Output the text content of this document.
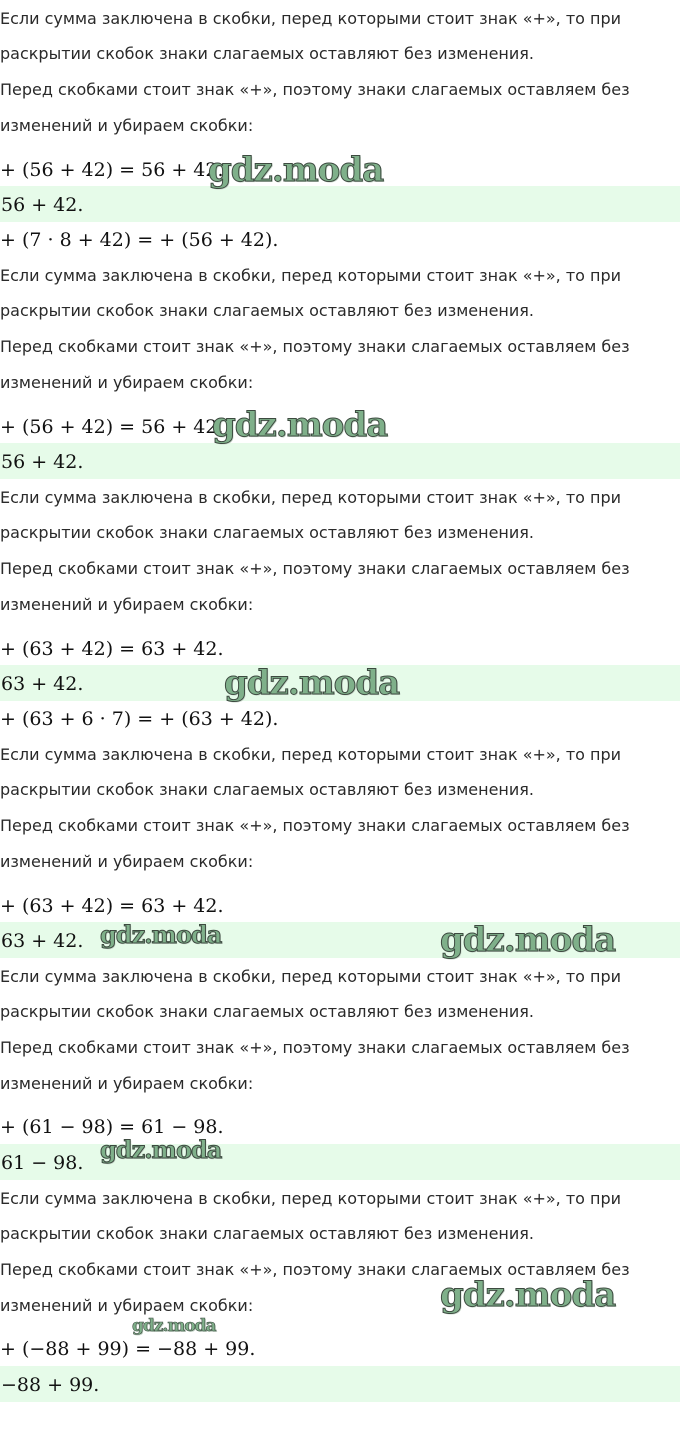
Если сумма заключена в скобки, перед которыми стоит знак «+», то при
раскрытии скобок знаки слагаемых оставляют без изменения.
Перед скобками стоит знак «+», поэтому знаки слагаемых оставляем без
изменений и убираем скобки:
+ (56 + 42) = 56 + 42.
56 + 42.
+ (7 · 8 + 42) = + (56 + 42).
Если сумма заключена в скобки, перед которыми стоит знак «+», то при
раскрытии скобок знаки слагаемых оставляют без изменения.
Перед скобками стоит знак «+», поэтому знаки слагаемых оставляем без
изменений и убираем скобки:
+ (56 + 42) = 56 + 42.
56 + 42.
Если сумма заключена в скобки, перед которыми стоит знак «+», то при
раскрытии скобок знаки слагаемых оставляют без изменения.
Перед скобками стоит знак «+», поэтому знаки слагаемых оставляем без
изменений и убираем скобки:
+ (63 + 42) = 63 + 42.
63 + 42.
+ (63 + 6 · 7) = + (63 + 42).
Если сумма заключена в скобки, перед которыми стоит знак «+», то при
раскрытии скобок знаки слагаемых оставляют без изменения.
Перед скобками стоит знак «+», поэтому знаки слагаемых оставляем без
изменений и убираем скобки:
+ (63 + 42) = 63 + 42.
63 + 42.
Если сумма заключена в скобки, перед которыми стоит знак «+», то при
раскрытии скобок знаки слагаемых оставляют без изменения.
Перед скобками стоит знак «+», поэтому знаки слагаемых оставляем без
изменений и убираем скобки:
+ (61 − 98) = 61 − 98.
61 − 98.
Если сумма заключена в скобки, перед которыми стоит знак «+», то при
раскрытии скобок знаки слагаемых оставляют без изменения.
Перед скобками стоит знак «+», поэтому знаки слагаемых оставляем без
изменений и убираем скобки:
+ (−88 + 99) = −88 + 99.
−88 + 99.
gdz.moda
gdz.moda
gdz.moda
gdz.moda	gdz.moda
gdz.moda
gdz.moda
gdz.moda
